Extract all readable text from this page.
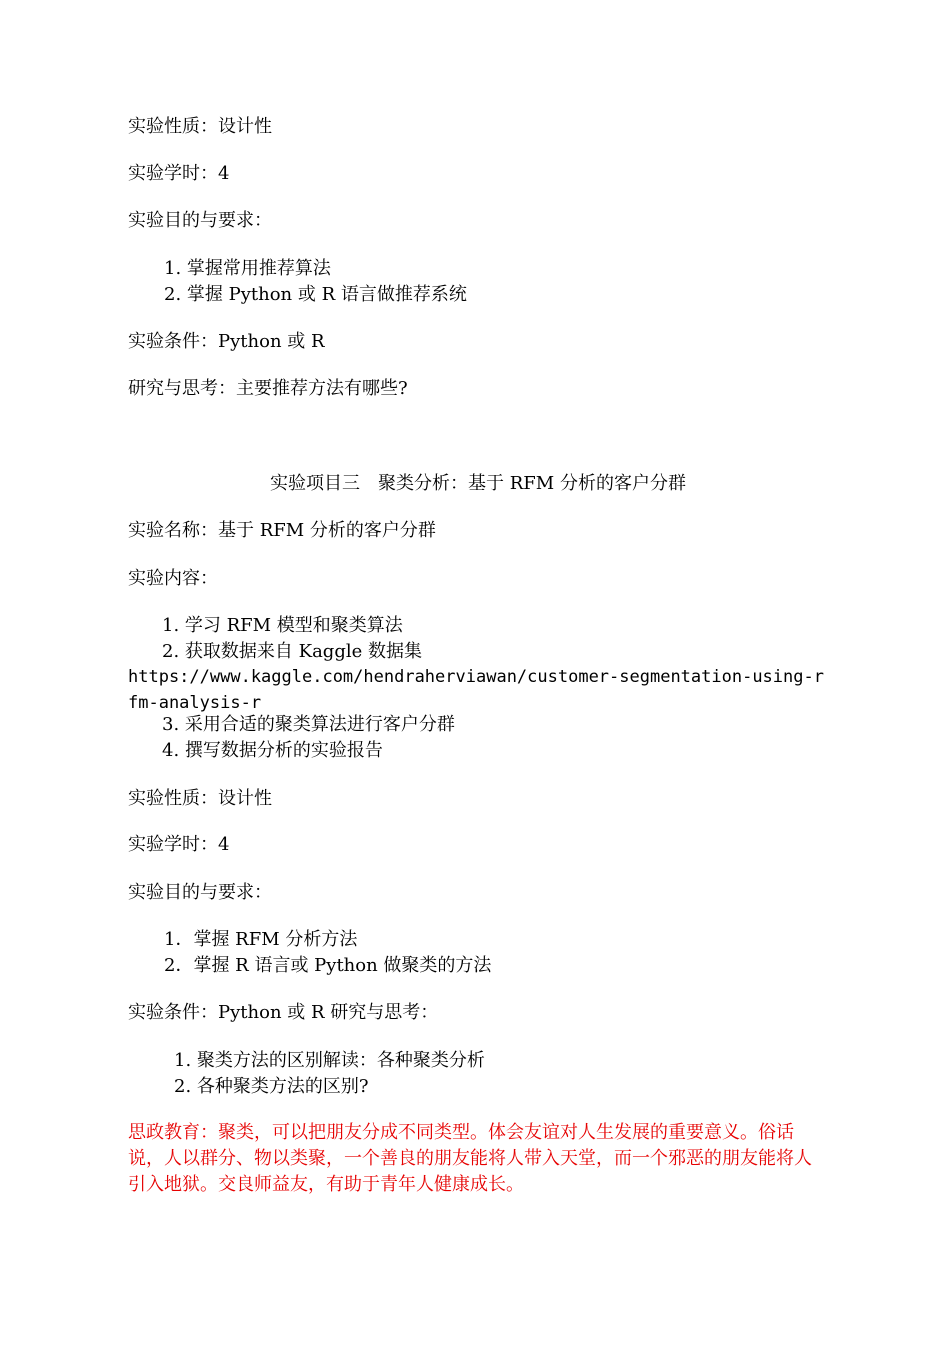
实验性质：设计性
实验学时：4
实验目的与要求：
1. 掌握常用推荐算法
2. 掌握 Python 或 R 语言做推荐系统
实验条件：Python 或 R
研究与思考：主要推荐方法有哪些?
实验项目三　聚类分析：基于 RFM 分析的客户分群
实验名称：基于 RFM 分析的客户分群
实验内容：
1. 学习 RFM 模型和聚类算法
2. 获取数据来自 Kaggle 数据集
https://www.kaggle.com/hendraherviawan/customer-segmentation-using-rfm-analysis-r
3. 采用合适的聚类算法进行客户分群
4. 撰写数据分析的实验报告
实验性质：设计性
实验学时：4
实验目的与要求：
1．掌握 RFM 分析方法
2．掌握 R 语言或 Python 做聚类的方法
实验条件：Python 或 R 研究与思考：
1. 聚类方法的区别解读：各种聚类分析
2. 各种聚类方法的区别?
思政教育：聚类，可以把朋友分成不同类型。体会友谊对人生发展的重要意义。俗话说，人以群分、物以类聚，一个善良的朋友能将人带入天堂，而一个邪恶的朋友能将人引入地狱。交良师益友，有助于青年人健康成长。
